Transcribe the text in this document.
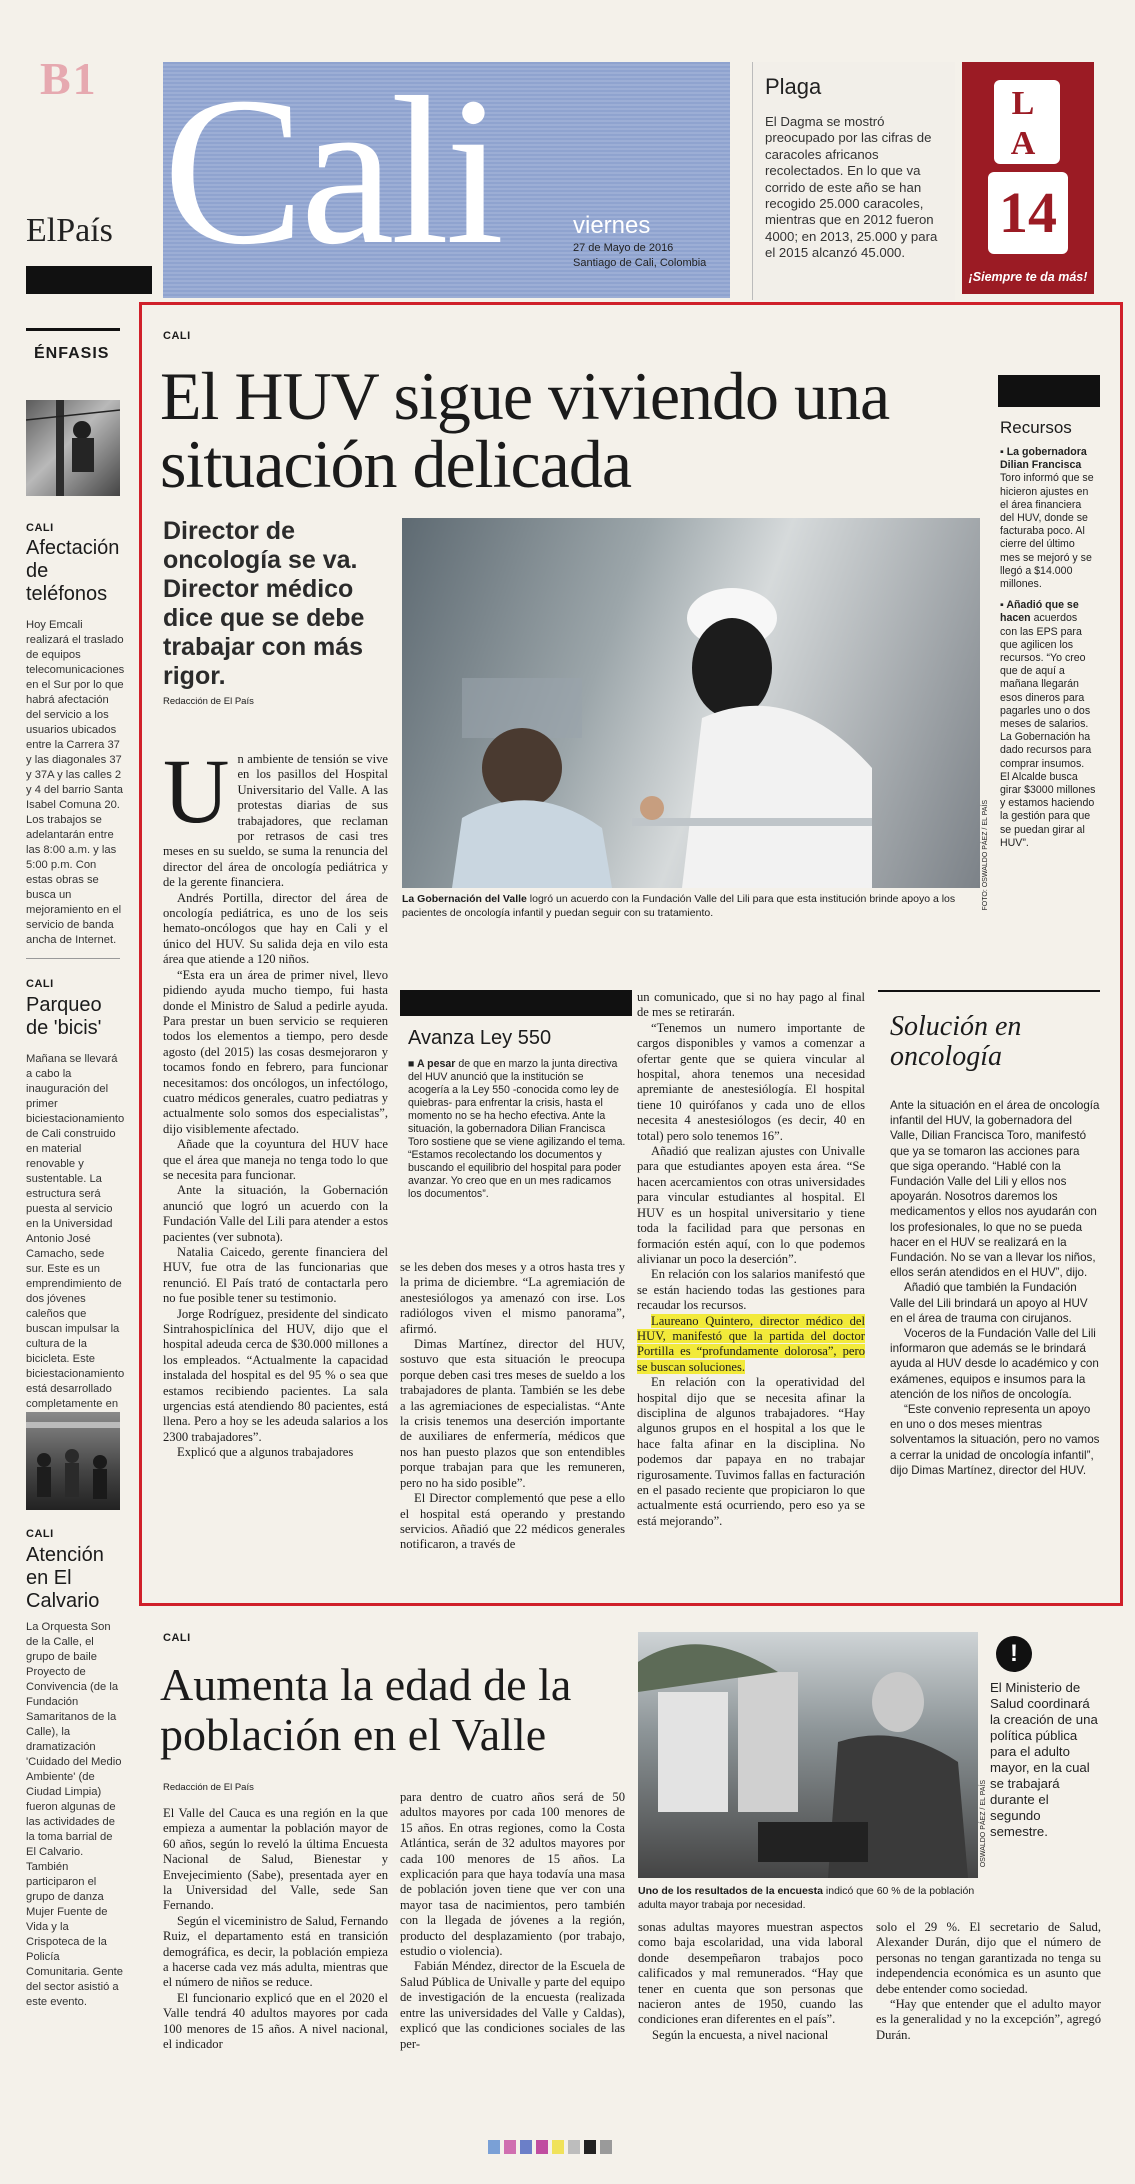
B1
ElPaís Cali	viernes
27 de Mayo de 2016
Santiago de Cali, Colombia
Plaga
El Dagma se mostró preocupado por las cifras de caracoles africanos recolectados. En lo que va corrido de este año se han recogido 25.000 caracoles, mientras que en 2012 fueron 4000; en 2013, 25.000 y para el 2015 alcanzó 45.000.
LA
14
¡Siempre te da más!
ÉNFASIS
CALI
Afectación de teléfonos
Hoy Emcali realizará el traslado de equipos telecomunicaciones en el Sur por lo que habrá afectación del servicio a los usuarios ubicados entre la Carrera 37 y las diagonales 37 y 37A y las calles 2 y 4 del barrio Santa Isabel Comuna 20. Los trabajos se adelantarán entre las 8:00 a.m. y las 5:00 p.m. Con estas obras se busca un mejoramiento en el servicio de banda ancha de Internet.
CALI
Parqueo de 'bicis'
Mañana se llevará a cabo la inauguración del primer biciestacionamiento de Cali construido en material renovable y sustentable. La estructura será puesta al servicio en la Universidad Antonio José Camacho, sede sur. Este es un emprendimiento de dos jóvenes caleños que buscan impulsar la cultura de la bicicleta. Este biciestacionamiento está desarrollado completamente en
CALI
Atención en El Calvario
La Orquesta Son de la Calle, el grupo de baile Proyecto de Convivencia (de la Fundación Samaritanos de la Calle), la dramatización 'Cuidado del Medio Ambiente' (de Ciudad Limpia) fueron algunas de las actividades de la toma barrial de El Calvario. También participaron el grupo de danza Mujer Fuente de Vida y la Crispoteca de la Policía Comunitaria. Gente del sector asistió a este evento.
CALI
El HUV sigue viviendo una situación delicada
Director de oncología se va. Director médico dice que se debe trabajar con más rigor.
Redacción de El País
FOTO: OSWALDO PÁEZ / EL PAÍS
La Gobernación del Valle logró un acuerdo con la Fundación Valle del Lili para que esta institución brinde apoyo a los pacientes de oncología infantil y puedan seguir con su tratamiento.
Recursos
▪ La gobernadora Dilian Francisca Toro informó que se hicieron ajustes en el área financiera del HUV, donde se facturaba poco. Al cierre del último mes se mejoró y se llegó a $14.000 millones.
▪ Añadió que se hacen acuerdos con las EPS para que agilicen los recursos. “Yo creo que de aquí a mañana llegarán esos dineros para pagarles uno o dos meses de salarios. La Gobernación ha dado recursos para comprar insumos. El Alcalde busca girar $3000 millones y estamos haciendo la gestión para que se puedan girar al HUV”.
U n ambiente de tensión se vive en los pasillos del Hospital Universitario del Valle. A las protestas diarias de sus trabajadores, que reclaman por retrasos de casi tres meses en su sueldo, se suma la renuncia del director del área de oncología pediátrica y de la gerente financiera.

Andrés Portilla, director del área de oncología pediátrica, es uno de los seis hemato-oncólogos que hay en Cali y el único del HUV. Su salida deja en vilo esta área que atiende a 120 niños.

“Esta era un área de primer nivel, llevo pidiendo ayuda mucho tiempo, fui hasta donde el Ministro de Salud a pedirle ayuda. Para prestar un buen servicio se requieren todos los elementos a tiempo, pero desde agosto (del 2015) las cosas desmejoraron y tocamos fondo en febrero, para funcionar necesitamos: dos oncólogos, un infectólogo, cuatro médicos generales, cuatro pediatras y actualmente solo somos dos especialistas”, dijo visiblemente afectado.

Añade que la coyuntura del HUV hace que el área que maneja no tenga todo lo que se necesita para funcionar.

Ante la situación, la Gobernación anunció que logró un acuerdo con la Fundación Valle del Lili para atender a estos pacientes (ver subnota).

Natalia Caicedo, gerente financiera del HUV, fue otra de las funcionarias que renunció. El País trató de contactarla pero no fue posible tener su testimonio.

Jorge Rodríguez, presidente del sindicato Sintrahospiclínica del HUV, dijo que el hospital adeuda cerca de $30.000 millones a los empleados. “Actualmente la capacidad instalada del hospital es del 95 % o sea que estamos recibiendo pacientes. La sala urgencias está atendiendo 80 pacientes, está llena. Pero a hoy se les adeuda salarios a los 2300 trabajadores”.

Explicó que a algunos trabajadores

Avanza Ley 550
■ A pesar de que en marzo la junta directiva del HUV anunció que la institución se acogería a la Ley 550 -conocida como ley de quiebras- para enfrentar la crisis, hasta el momento no se ha hecho efectiva. Ante la situación, la gobernadora Dilian Francisca Toro sostiene que se viene agilizando el tema. “Estamos recolectando los documentos y buscando el equilibrio del hospital para poder avanzar. Yo creo que en un mes radicamos los documentos”.

se les deben dos meses y a otros hasta tres y la prima de diciembre. “La agremiación de anestesiólogos ya amenazó con irse. Los radiólogos viven el mismo panorama”, afirmó.

Dimas Martínez, director del HUV, sostuvo que esta situación le preocupa porque deben casi tres meses de sueldo a los trabajadores de planta. También se les debe a las agremiaciones de especialistas. “Ante la crisis tenemos una deserción importante de auxiliares de enfermería, médicos que nos han puesto plazos que son entendibles porque trabajan para que les remuneren, pero no ha sido posible”.

El Director complementó que pese a ello el hospital está operando y prestando servicios. Añadió que 22 médicos generales notificaron, a través de

un comunicado, que si no hay pago al final de mes se retirarán.

“Tenemos un numero importante de cargos disponibles y vamos a comenzar a ofertar gente que se quiera vincular al hospital, ahora tenemos una necesidad apremiante de anestesiólogía. El hospital tiene 10 quirófanos y cada uno de ellos necesita 4 anestesiólogos (es decir, 40 en total) pero solo tenemos 16”.

Añadió que realizan ajustes con Univalle para que estudiantes apoyen esta área. “Se hacen acercamientos con otras universidades para vincular estudiantes al hospital. El HUV es un hospital universitario y tiene toda la facilidad para que personas en formación estén aquí, con lo que podemos alivianar un poco la deserción”.

En relación con los salarios manifestó que se están haciendo todas las gestiones para recaudar los recursos.

Laureano Quintero, director médico del HUV, manifestó que la partida del doctor Portilla es “profundamente dolorosa”, pero se buscan soluciones.

En relación con la operatividad del hospital dijo que se necesita afinar la disciplina de algunos trabajadores. “Hay algunos grupos en el hospital a los que le hace falta afinar en la disciplina. No podemos dar papaya en no trabajar rigurosamente. Tuvimos fallas en facturación en el pasado reciente que propiciaron lo que actualmente está ocurriendo, pero eso ya se está mejorando”.

Solución en oncología

Ante la situación en el área de oncología infantil del HUV, la gobernadora del Valle, Dilian Francisca Toro, manifestó que ya se tomaron las acciones para que siga operando. “Hablé con la Fundación Valle del Lili y ellos nos apoyarán. Nosotros daremos los medicamentos y ellos nos ayudarán con los profesionales, lo que no se pueda hacer en el HUV se realizará en la Fundación. No se van a llevar los niños, ellos serán atendidos en el HUV”, dijo.

Añadió que también la Fundación Valle del Lili brindará un apoyo al HUV en el área de trauma con cirujanos.

Voceros de la Fundación Valle del Lili informaron que además se le brindará ayuda al HUV desde lo académico y con exámenes, equipos e insumos para la atención de los niños de oncología.

“Este convenio representa un apoyo en uno o dos meses mientras solventamos la situación, pero no vamos a cerrar la unidad de oncología infantil”, dijo Dimas Martínez, director del HUV.

CALI
Aumenta la edad de la población en el Valle
Redacción de El País

El Valle del Cauca es una región en la que empieza a aumentar la población mayor de 60 años, según lo reveló la última Encuesta Nacional de Salud, Bienestar y Envejecimiento (Sabe), presentada ayer en la Universidad del Valle, sede San Fernando.

Según el viceministro de Salud, Fernando Ruiz, el departamento está en transición demográfica, es decir, la población empieza a hacerse cada vez más adulta, mientras que el número de niños se reduce.

El funcionario explicó que en el 2020 el Valle tendrá 40 adultos mayores por cada 100 menores de 15 años. A nivel nacional, el indicador

para dentro de cuatro años será de 50 adultos mayores por cada 100 menores de 15 años. En otras regiones, como la Costa Atlántica, serán de 32 adultos mayores por cada 100 menores de 15 años. La explicación para que haya todavía una masa de población joven tiene que ver con una mayor tasa de nacimientos, pero también con la llegada de jóvenes a la región, producto del desplazamiento (por trabajo, estudio o violencia).

Fabián Méndez, director de la Escuela de Salud Pública de Univalle y parte del equipo de investigación de la encuesta (realizada entre las universidades del Valle y Caldas), explicó que las condiciones sociales de las per-

OSWALDO PÁEZ / EL PAÍS
Uno de los resultados de la encuesta indicó que 60 % de la población adulta mayor trabaja por necesidad.

sonas adultas mayores muestran aspectos como baja escolaridad, una vida laboral donde desempeñaron trabajos poco calificados y mal remunerados. “Hay que tener en cuenta que son personas que nacieron antes de 1950, cuando las condiciones eran diferentes en el país”.

Según la encuesta, a nivel nacional

solo el 29 %. El secretario de Salud, Alexander Durán, dijo que el número de personas no tengan garantizada no tenga su independencia económica es un asunto que debe entender como sociedad.

“Hay que entender que el adulto mayor es la generalidad y no la excepción”, agregó Durán.

!
El Ministerio de Salud coordinará la creación de una política pública para el adulto mayor, en la cual se trabajará durante el segundo semestre.
